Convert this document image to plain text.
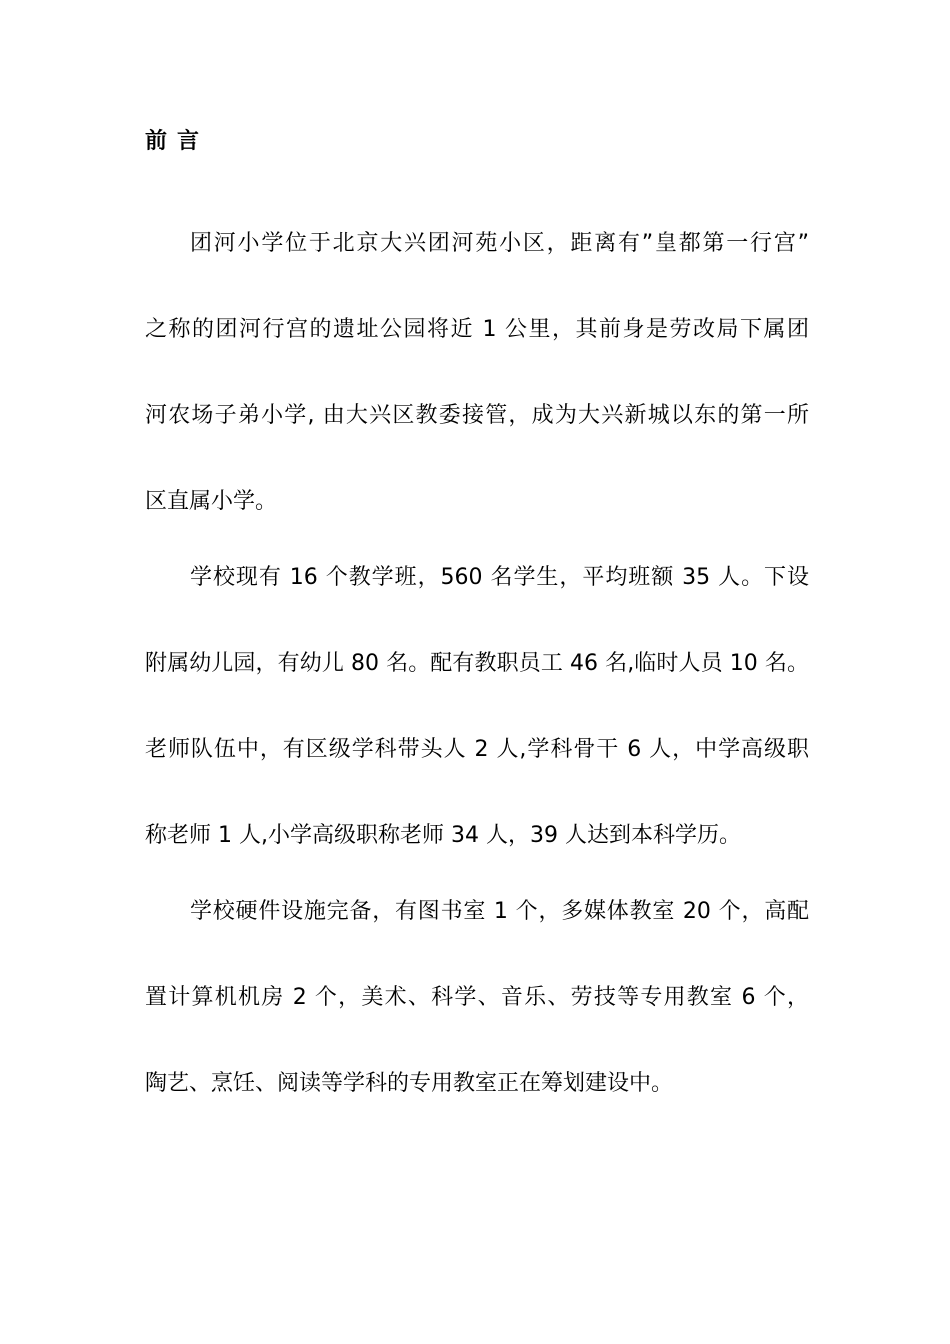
前言

团河小学位于北京大兴团河苑小区，距离有”皇都第一行宫”

之称的团河行宫的遗址公园将近 1 公里，其前身是劳改局下属团

河农场子弟小学, 由大兴区教委接管，成为大兴新城以东的第一所

区直属小学。

学校现有 16 个教学班，560 名学生，平均班额 35 人。下设

附属幼儿园，有幼儿 80 名。配有教职员工 46 名,临时人员 10 名。

老师队伍中，有区级学科带头人 2 人,学科骨干 6 人，中学高级职

称老师 1 人,小学高级职称老师 34 人，39 人达到本科学历。

学校硬件设施完备，有图书室 1 个，多媒体教室 20 个，高配

置计算机机房 2 个，美术、科学、音乐、劳技等专用教室 6 个，

陶艺、烹饪、阅读等学科的专用教室正在筹划建设中。
